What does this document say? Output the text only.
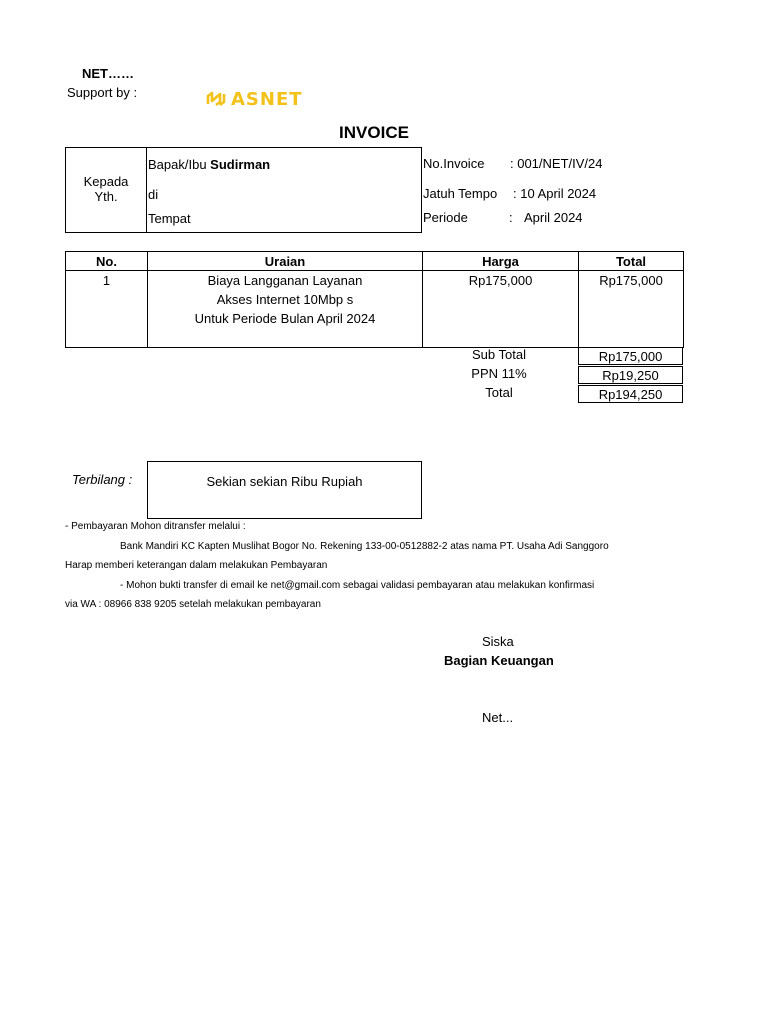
NET……
Support by :	ASNET
INVOICE
Kepada
Yth.
Bapak/Ibu Sudirman
di
Tempat
No.Invoice : 001/NET/IV/24
Jatuh Tempo : 10 April 2024
Periode	: April 2024
No.	Uraian	Harga	Total

1	Biaya Langganan Layanan
Akses Internet 10Mbp s
Untuk Periode Bulan April 2024	Rp175,000	Rp175,000
Sub Total	Rp175,000
PPN 11%	Rp19,250
Total	Rp194,250
Terbilang :	Sekian sekian Ribu Rupiah
- Pembayaran Mohon ditransfer melalui :
Bank Mandiri KC Kapten Muslihat Bogor No. Rekening 133-00-0512882-2 atas nama PT. Usaha Adi Sanggoro
Harap memberi keterangan dalam melakukan Pembayaran
- Mohon bukti transfer di email ke net@gmail.com sebagai validasi pembayaran atau melakukan konfirmasi
via WA : 08966 838 9205 setelah melakukan pembayaran
Siska
Bagian Keuangan
Net...
